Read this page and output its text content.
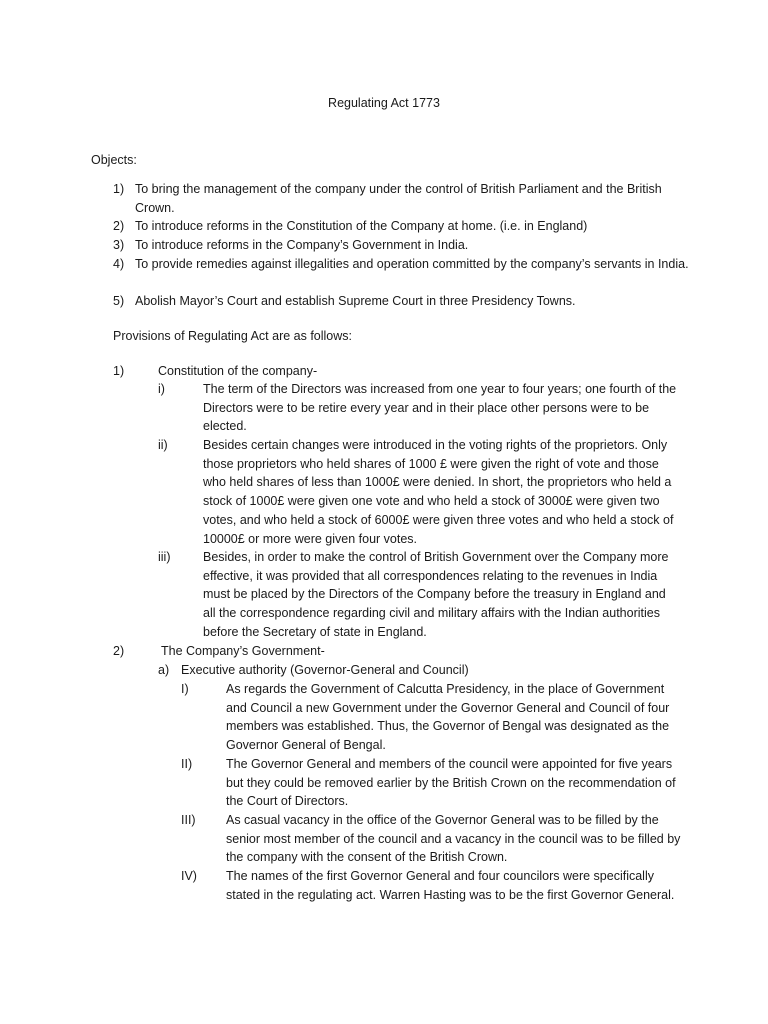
Regulating Act 1773
Objects:
1) To bring the management of the company under the control of British Parliament and the British Crown.
2) To introduce reforms in the Constitution of the Company at home. (i.e. in England)
3) To introduce reforms in the Company’s Government in India.
4) To provide remedies against illegalities and operation committed by the company’s servants in India.
5) Abolish Mayor’s Court and establish Supreme Court in three Presidency Towns.
Provisions of Regulating Act are as follows:
1)	Constitution of the company-
i)	The term of the Directors was increased from one year to four years; one fourth of the Directors were to be retire every year and in their place other persons were to be elected.
ii)	Besides certain changes were introduced in the voting rights of the proprietors. Only those proprietors who held shares of 1000 £ were given the right of vote and those who held shares of less than 1000£ were denied. In short, the proprietors who held a stock of 1000£ were given one vote and who held a stock of 3000£ were given two votes, and who held a stock of 6000£ were given three votes and who held a stock of 10000£ or more were given four votes.
iii)	Besides, in order to make the control of British Government over the Company more effective, it was provided that all correspondences relating to the revenues in India must be placed by the Directors of the Company before the treasury in England and all the correspondence regarding civil and military affairs with the Indian authorities before the Secretary of state in England.
2)	The Company’s Government-
a) Executive authority (Governor-General and Council)
I)	As regards the Government of Calcutta Presidency, in the place of Government and Council a new Government under the Governor General and Council of four members was established. Thus, the Governor of Bengal was designated as the Governor General of Bengal.
II)	The Governor General and members of the council were appointed for five years but they could be removed earlier by the British Crown on the recommendation of the Court of Directors.
III) As casual vacancy in the office of the Governor General was to be filled by the senior most member of the council and a vacancy in the council was to be filled by the company with the consent of the British Crown.
IV) The names of the first Governor General and four councilors were specifically stated in the regulating act. Warren Hasting was to be the first Governor General.
